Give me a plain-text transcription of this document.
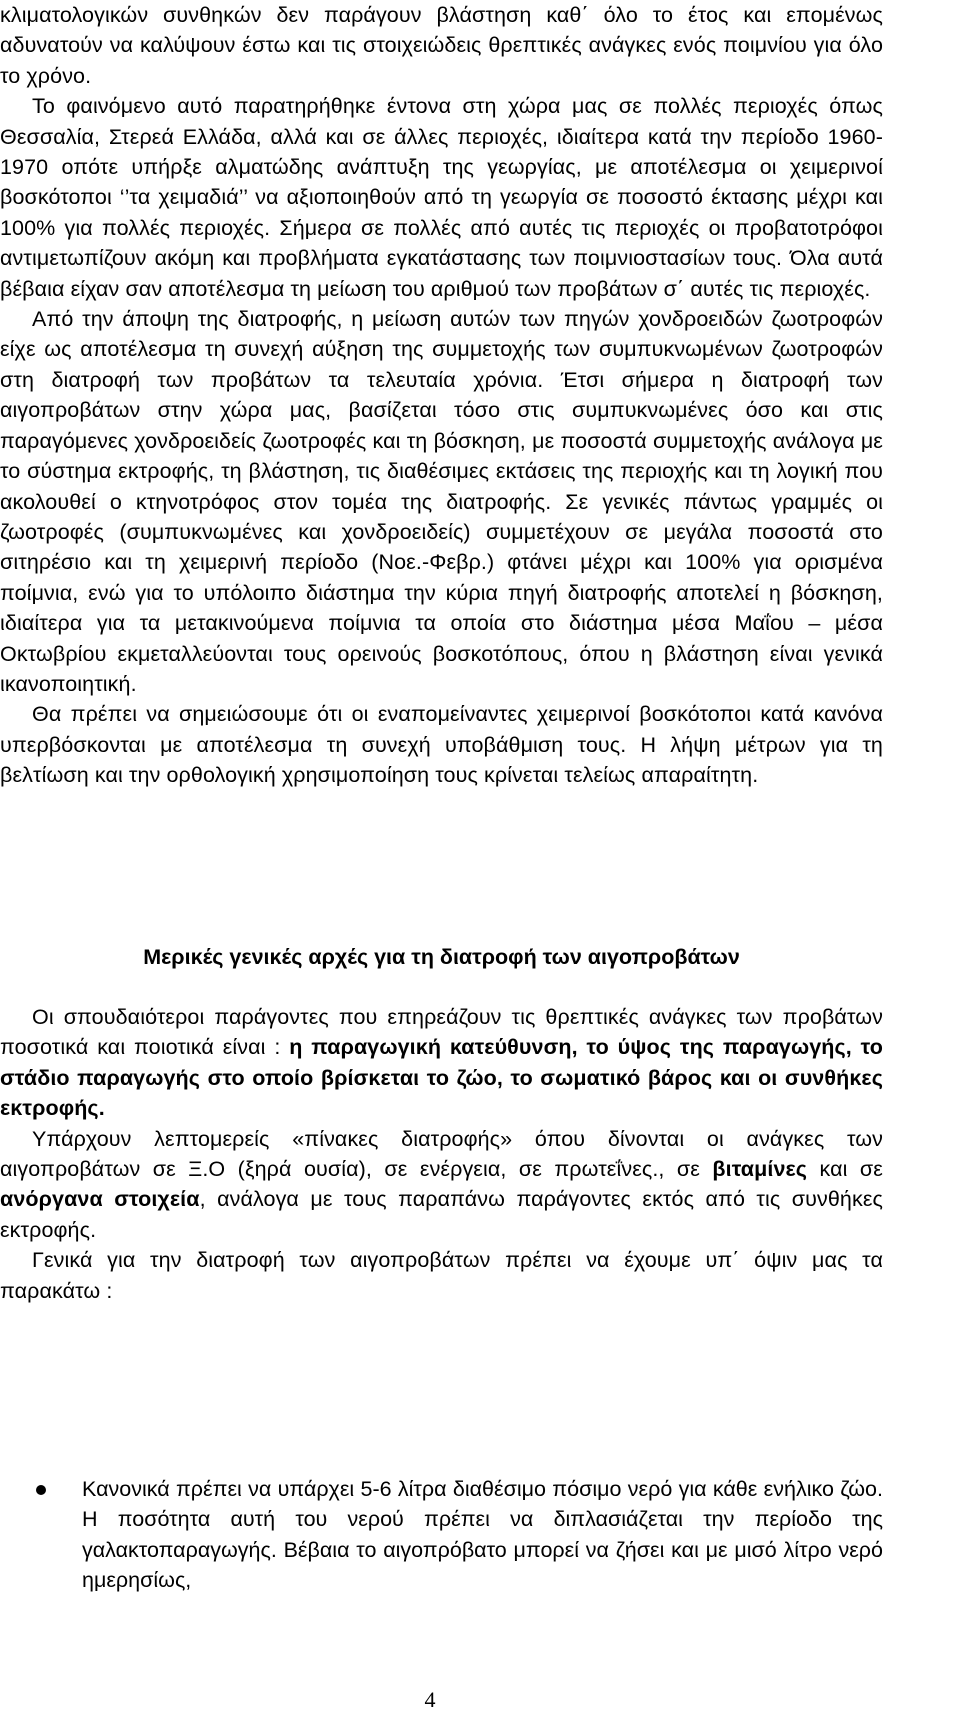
κλιματολογικών συνθηκών δεν παράγουν βλάστηση καθ΄ όλο το έτος και επομένως αδυνατούν να καλύψουν έστω και τις στοιχειώδεις θρεπτικές ανάγκες ενός ποιμνίου για όλο το χρόνο.

Το φαινόμενο αυτό παρατηρήθηκε έντονα στη χώρα μας σε πολλές περιοχές όπως Θεσσαλία, Στερεά Ελλάδα, αλλά και σε άλλες περιοχές, ιδιαίτερα κατά την περίοδο 1960-1970 οπότε υπήρξε αλματώδης ανάπτυξη της γεωργίας, με αποτέλεσμα οι χειμερινοί βοσκότοποι ‘’τα χειμαδιά’’ να αξιοποιηθούν από τη γεωργία σε ποσοστό έκτασης μέχρι και 100% για πολλές περιοχές. Σήμερα σε πολλές από αυτές τις περιοχές οι προβατοτρόφοι αντιμετωπίζουν ακόμη και προβλήματα εγκατάστασης των ποιμνιοστασίων τους. Όλα αυτά βέβαια είχαν σαν αποτέλεσμα τη μείωση του αριθμού των προβάτων σ΄ αυτές τις περιοχές.

Από την άποψη της διατροφής, η μείωση αυτών των πηγών χονδροειδών ζωοτροφών είχε ως αποτέλεσμα τη συνεχή αύξηση της συμμετοχής των συμπυκνωμένων ζωοτροφών στη διατροφή των προβάτων τα τελευταία χρόνια. Έτσι σήμερα η διατροφή των αιγοπροβάτων στην χώρα μας, βασίζεται τόσο στις συμπυκνωμένες όσο και στις παραγόμενες χονδροειδείς ζωοτροφές και τη βόσκηση, με ποσοστά συμμετοχής ανάλογα με το σύστημα εκτροφής, τη βλάστηση, τις διαθέσιμες εκτάσεις της περιοχής και τη λογική που ακολουθεί ο κτηνοτρόφος στον τομέα της διατροφής. Σε γενικές πάντως γραμμές οι ζωοτροφές (συμπυκνωμένες και χονδροειδείς) συμμετέχουν σε μεγάλα ποσοστά στο σιτηρέσιο και τη χειμερινή περίοδο (Νοε.-Φεβρ.) φτάνει μέχρι και 100% για ορισμένα ποίμνια, ενώ για το υπόλοιπο διάστημα την κύρια πηγή διατροφής αποτελεί η βόσκηση, ιδιαίτερα για τα μετακινούμενα ποίμνια τα οποία στο διάστημα μέσα Μαΐου – μέσα Οκτωβρίου εκμεταλλεύονται τους ορεινούς βοσκοτόπους, όπου η βλάστηση είναι γενικά ικανοποιητική.

Θα πρέπει να σημειώσουμε ότι οι εναπομείναντες χειμερινοί βοσκότοποι κατά κανόνα υπερβόσκονται με αποτέλεσμα τη συνεχή υποβάθμιση τους. Η λήψη μέτρων για τη βελτίωση και την ορθολογική χρησιμοποίηση τους κρίνεται τελείως απαραίτητη.

Μερικές γενικές αρχές για τη διατροφή των αιγοπροβάτων

Οι σπουδαιότεροι παράγοντες που επηρεάζουν τις θρεπτικές ανάγκες των προβάτων ποσοτικά και ποιοτικά είναι : η παραγωγική κατεύθυνση, το ύψος της παραγωγής, το στάδιο παραγωγής στο οποίο βρίσκεται το ζώο, το σωματικό βάρος και οι συνθήκες εκτροφής.

Υπάρχουν λεπτομερείς «πίνακες διατροφής» όπου δίνονται οι ανάγκες των αιγοπροβάτων σε Ξ.Ο (ξηρά ουσία), σε ενέργεια, σε πρωτεΐνες., σε βιταμίνες και σε ανόργανα στοιχεία, ανάλογα με τους παραπάνω παράγοντες εκτός από τις συνθήκες εκτροφής.

Γενικά για την διατροφή των αιγοπροβάτων πρέπει να έχουμε υπ΄ όψιν μας τα παρακάτω :

Κανονικά πρέπει να υπάρχει 5-6 λίτρα διαθέσιμο πόσιμο νερό για κάθε ενήλικο ζώο. Η ποσότητα αυτή του νερού πρέπει να διπλασιάζεται την περίοδο της γαλακτοπαραγωγής. Βέβαια το αιγοπρόβατο μπορεί να ζήσει και με μισό λίτρο νερό ημερησίως,
4
